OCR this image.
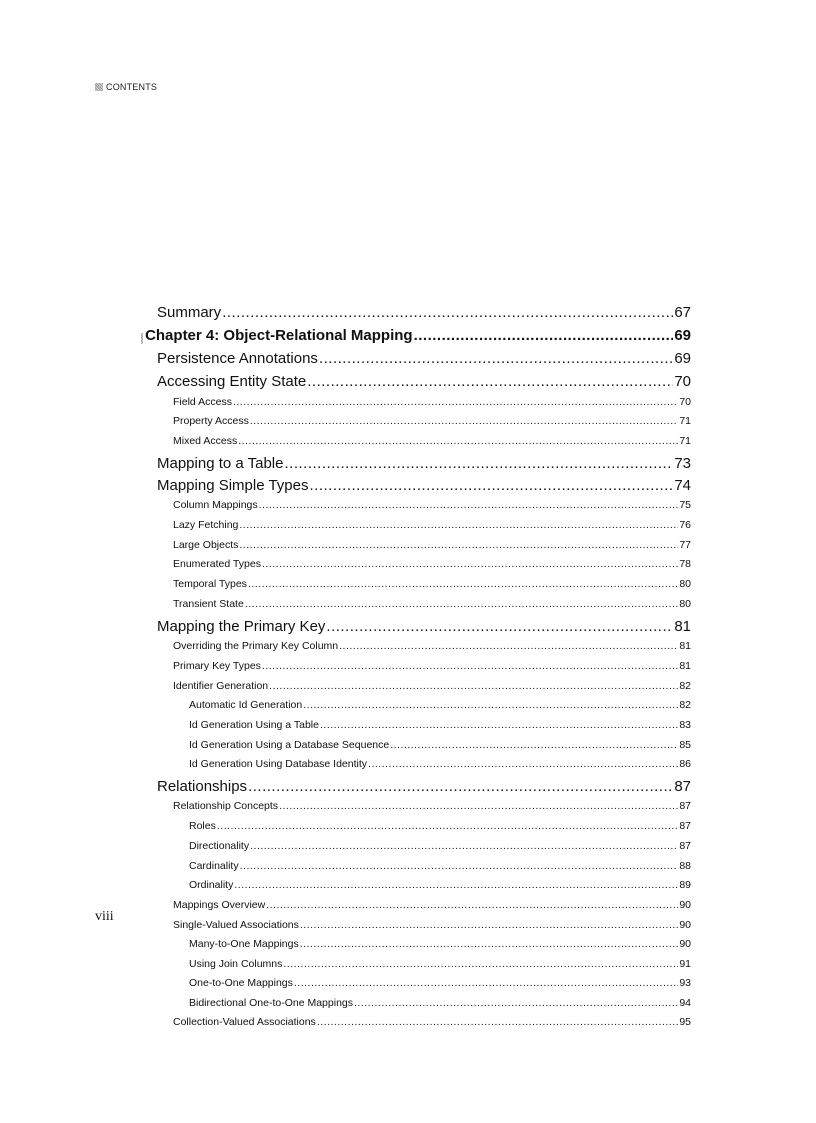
CONTENTS
Summary .....	67
Chapter 4: Object-Relational Mapping .....	69
Persistence Annotations .....	69
Accessing Entity State .....	70
Field Access .....	70
Property Access .....	71
Mixed Access .....	71
Mapping to a Table .....	73
Mapping Simple Types .....	74
Column Mappings .....	75
Lazy Fetching .....	76
Large Objects .....	77
Enumerated Types .....	78
Temporal Types .....	80
Transient State .....	80
Mapping the Primary Key .....	81
Overriding the Primary Key Column .....	81
Primary Key Types .....	81
Identifier Generation .....	82
Automatic Id Generation .....	82
Id Generation Using a Table .....	83
Id Generation Using a Database Sequence .....	85
Id Generation Using Database Identity .....	86
Relationships .....	87
Relationship Concepts .....	87
Roles .....	87
Directionality .....	87
Cardinality .....	88
Ordinality .....	89
Mappings Overview .....	90
Single-Valued Associations .....	90
Many-to-One Mappings .....	90
Using Join Columns .....	91
One-to-One Mappings .....	93
Bidirectional One-to-One Mappings .....	94
Collection-Valued Associations .....	95
viii
